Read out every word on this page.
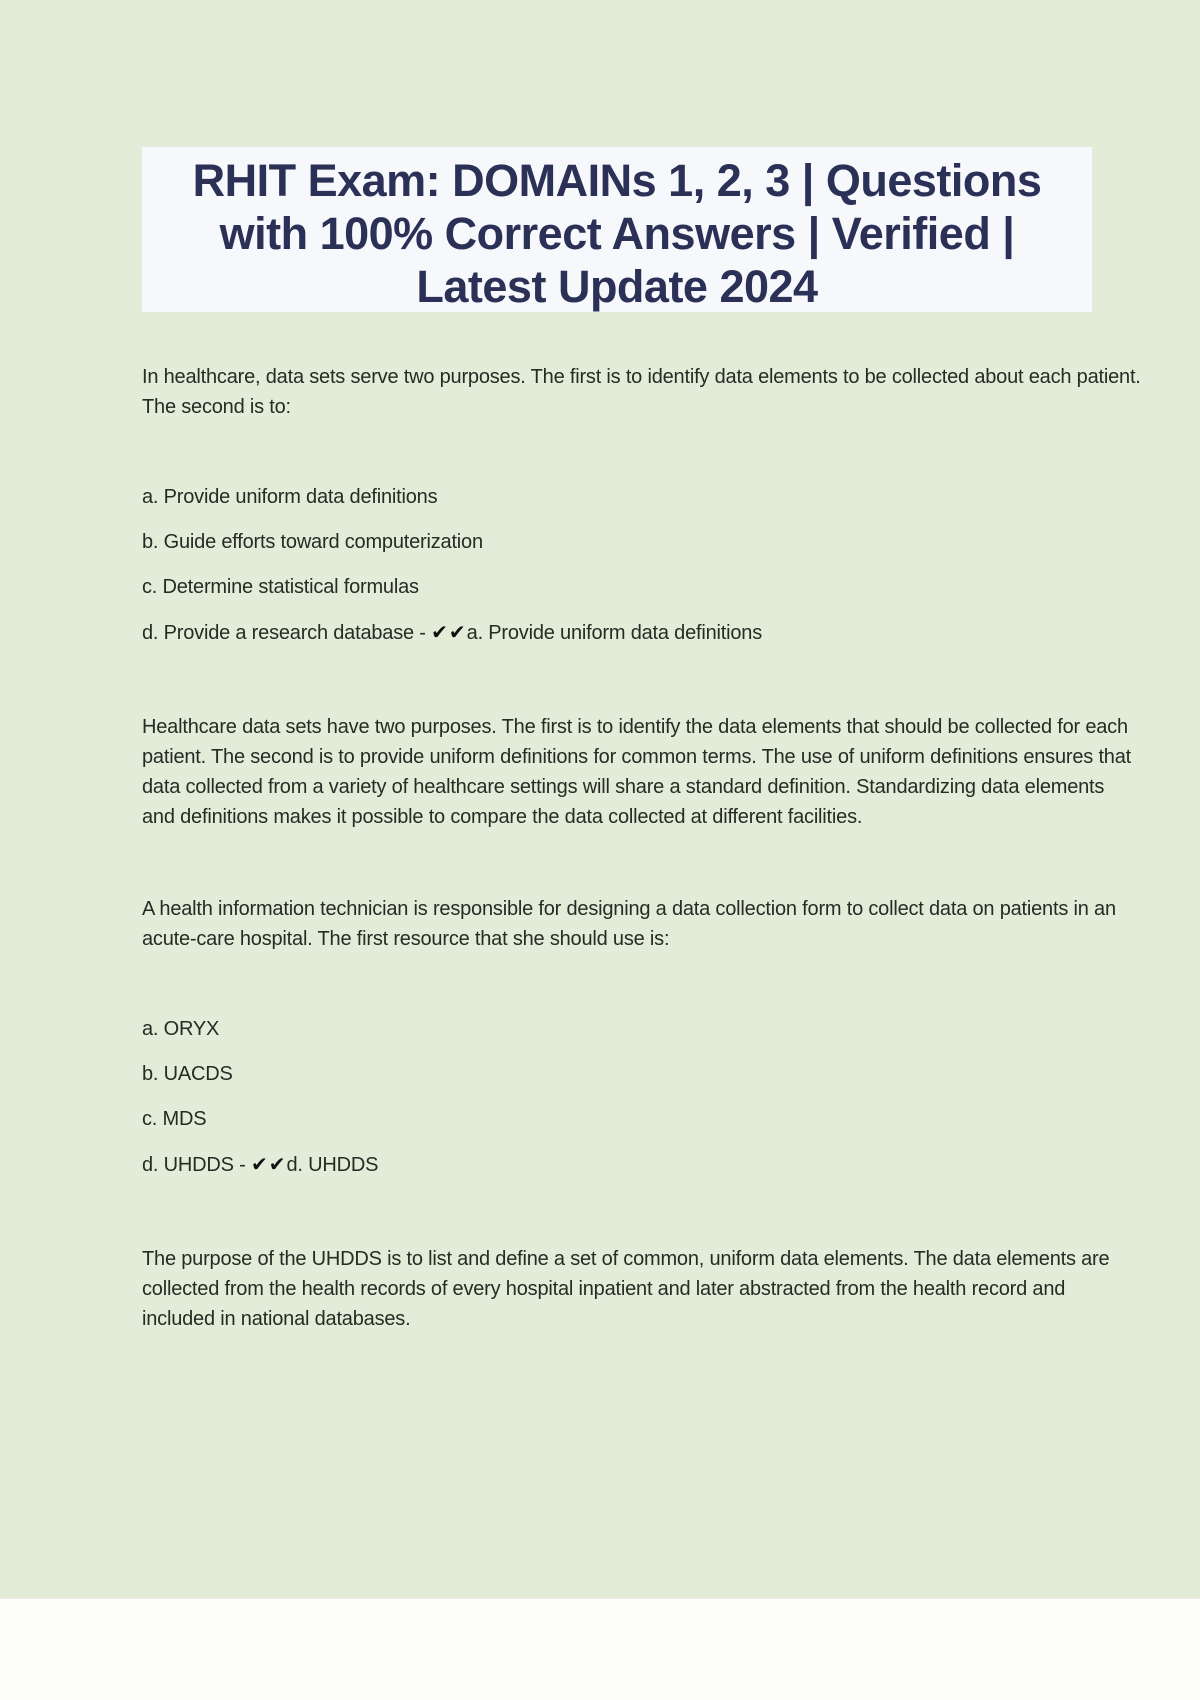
RHIT Exam: DOMAINs 1, 2, 3 | Questions
with 100% Correct Answers | Verified |
Latest Update 2024

In healthcare, data sets serve two purposes. The first is to identify data elements to be collected about each patient. The second is to:

a. Provide uniform data definitions
b. Guide efforts toward computerization
c. Determine statistical formulas
d. Provide a research database - ✔✔a. Provide uniform data definitions

Healthcare data sets have two purposes. The first is to identify the data elements that should be collected for each patient. The second is to provide uniform definitions for common terms. The use of uniform definitions ensures that data collected from a variety of healthcare settings will share a standard definition. Standardizing data elements and definitions makes it possible to compare the data collected at different facilities.

A health information technician is responsible for designing a data collection form to collect data on patients in an acute-care hospital. The first resource that she should use is:

a. ORYX
b. UACDS
c. MDS
d. UHDDS - ✔✔d. UHDDS

The purpose of the UHDDS is to list and define a set of common, uniform data elements. The data elements are collected from the health records of every hospital inpatient and later abstracted from the health record and included in national databases.
